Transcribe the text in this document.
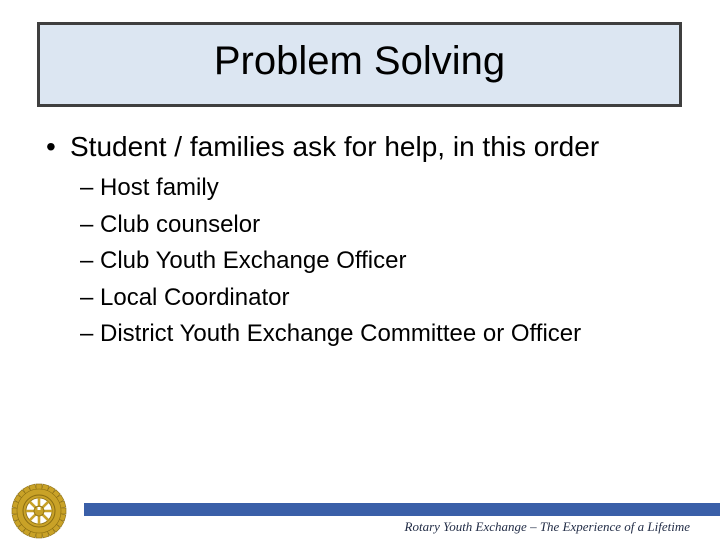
Problem Solving
• Student / families ask for help, in this order
– Host family
– Club counselor
– Club Youth Exchange Officer
– Local Coordinator
– District Youth Exchange Committee or Officer
Rotary Youth Exchange – The Experience of a Lifetime
